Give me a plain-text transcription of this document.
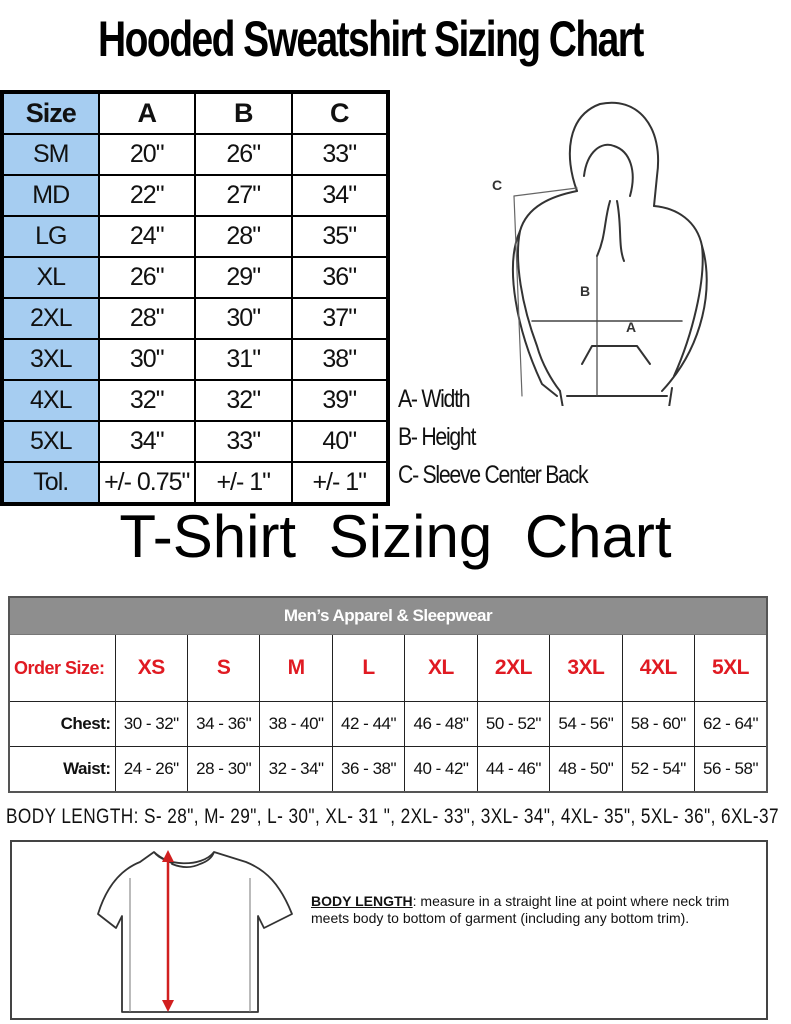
Hooded Sweatshirt Sizing Chart
Size	A	B	C
SM	20"	26"	33"
MD	22"	27"	34"
LG	24"	28"	35"
XL	26"	29"	36"
2XL	28"	30"	37"
3XL	30"	31"	38"
4XL	32"	32"	39"
5XL	34"	33"	40"
Tol.	+/- 0.75"	+/- 1"	+/- 1"
C
B
A
A- Width
B- Height
C- Sleeve Center Back
T-Shirt Sizing Chart
Men’s Apparel & Sleepwear									
Order Size:	XS	S	M	L	XL	2XL	3XL	4XL	5XL
Chest:	30 - 32"	34 - 36"	38 - 40"	42 - 44"	46 - 48"	50 - 52"	54 - 56"	58 - 60"	62 - 64"
Waist:	24 - 26"	28 - 30"	32 - 34"	36 - 38"	40 - 42"	44 - 46"	48 - 50"	52 - 54"	56 - 58"
BODY LENGTH: S- 28", M- 29", L- 30", XL- 31 ", 2XL- 33", 3XL- 34", 4XL- 35", 5XL- 36", 6XL-37
BODY LENGTH: measure in a straight line at point where neck trim meets body to bottom of garment (including any bottom trim).
